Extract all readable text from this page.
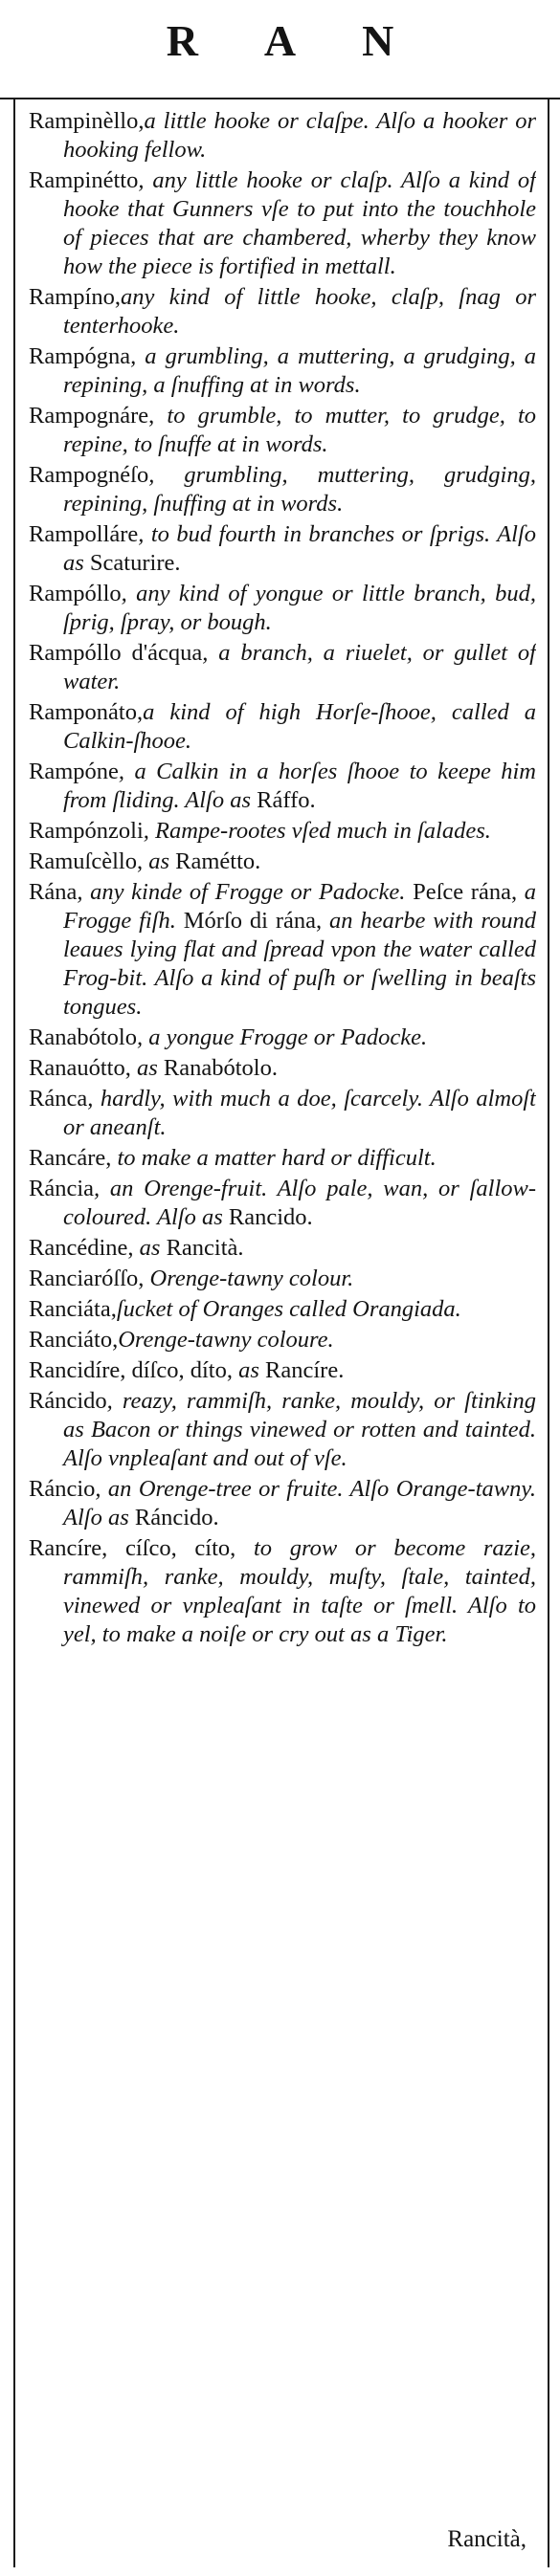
R A N

Rampinèllo,a little hooke or claſpe. Alſo a hooker or hooking fellow.

Rampinétto, any little hooke or claſp. Alſo a kind of hooke that Gunners vſe to put into the touchhole of pieces that are chambered, wherby they know how the piece is fortified in mettall.

Rampíno,any kind of little hooke, claſp, ſnag or tenterhooke.

Rampógna, a grumbling, a muttering, a grudging, a repining, a ſnuffing at in words.

Rampognáre, to grumble, to mutter, to grudge, to repine, to ſnuffe at in words.

Rampognéſo, grumbling, muttering, grudging, repining, ſnuffing at in words.

Rampolláre, to bud fourth in branches or ſprigs. Alſo as Scaturire.

Rampóllo, any kind of yongue or little branch, bud, ſprig, ſpray, or bough.

Rampóllo d'ácqua, a branch, a riuelet, or gullet of water.

Ramponáto,a kind of high Horſe-ſhooe, called a Calkin-ſhooe.

Rampóne, a Calkin in a horſes ſhooe to keepe him from ſliding. Alſo as Ráffo.

Rampónzoli, Rampe-rootes vſed much in ſalades.

Ramuſcèllo, as Ramétto.

Rána, any kinde of Frogge or Padocke. Peſce rána, a Frogge fiſh. Mórſo di rána, an hearbe with round leaues lying flat and ſpread vpon the water called Frog-bit. Alſo a kind of puſh or ſwelling in beaſts tongues.

Ranabótolo, a yongue Frogge or Padocke.

Ranauótto, as Ranabótolo.

Ránca, hardly, with much a doe, ſcarcely. Alſo almoſt or aneanſt.

Rancáre, to make a matter hard or difficult.

Ráncia, an Orenge-fruit. Alſo pale, wan, or ſallow-coloured. Alſo as Rancido.

Rancédine, as Rancità.

Ranciaróſſo, Orenge-tawny colour.

Ranciáta,ſucket of Oranges called Orangiada.

Ranciáto,Orenge-tawny coloure.

Rancidíre, díſco, díto, as Rancíre.

Ráncido, reazy, rammiſh, ranke, mouldy, or ſtinking as Bacon or things vinewed or rotten and tainted. Alſo vnpleaſant and out of vſe.

Ráncio, an Orenge-tree or fruite. Alſo Orange-tawny. Alſo as Ráncido.

Rancíre, cíſco, cíto, to grow or become razie, rammiſh, ranke, mouldy, muſty, ſtale, tainted, vinewed or vnpleaſant in taſte or ſmell. Alſo to yel, to make a noiſe or cry out as a Tiger.

Rancità,
